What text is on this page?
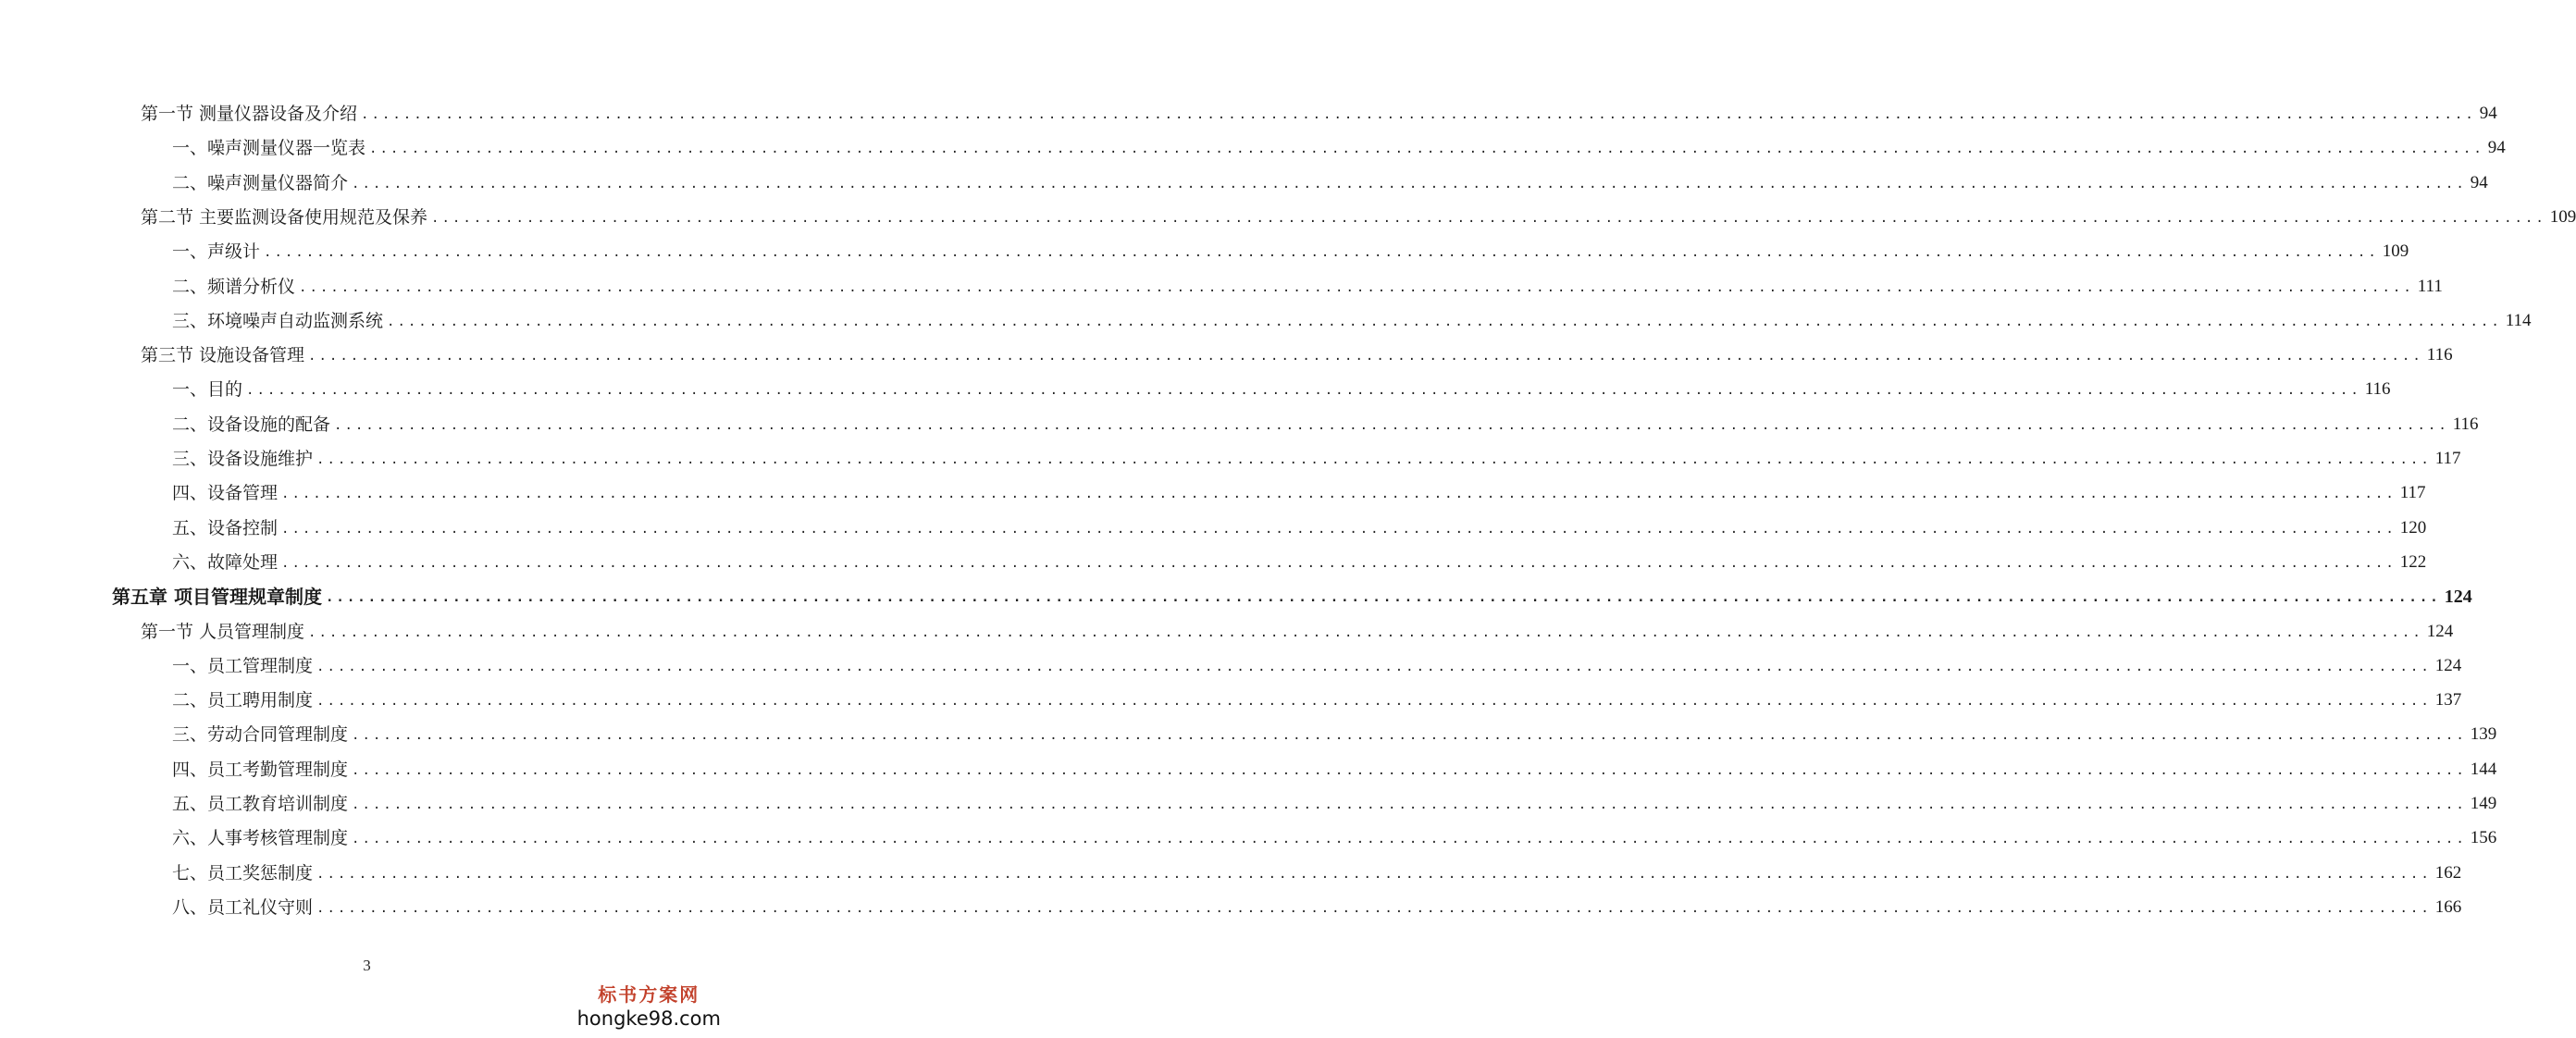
第一节 测量仪器设备及介绍 ........................................................................................................................................................................................................ 94
一、噪声测量仪器一览表 ........................................................................................................................................................................................................ 94
二、噪声测量仪器简介 ........................................................................................................................................................................................................ 94
第二节 主要监测设备使用规范及保养 ........................................................................................................................................................................................................ 109
一、声级计 ........................................................................................................................................................................................................ 109
二、频谱分析仪 ........................................................................................................................................................................................................ 111
三、环境噪声自动监测系统 ........................................................................................................................................................................................................ 114
第三节 设施设备管理 ........................................................................................................................................................................................................ 116
一、目的 ........................................................................................................................................................................................................ 116
二、设备设施的配备 ........................................................................................................................................................................................................ 116
三、设备设施维护 ........................................................................................................................................................................................................ 117
四、设备管理 ........................................................................................................................................................................................................ 117
五、设备控制 ........................................................................................................................................................................................................ 120
六、故障处理 ........................................................................................................................................................................................................ 122
第五章 项目管理规章制度 ........................................................................................................................................................................................................ 124
第一节 人员管理制度 ........................................................................................................................................................................................................ 124
一、员工管理制度 ........................................................................................................................................................................................................ 124
二、员工聘用制度 ........................................................................................................................................................................................................ 137
三、劳动合同管理制度 ........................................................................................................................................................................................................ 139
四、员工考勤管理制度 ........................................................................................................................................................................................................ 144
五、员工教育培训制度 ........................................................................................................................................................................................................ 149
六、人事考核管理制度 ........................................................................................................................................................................................................ 156
七、员工奖惩制度 ........................................................................................................................................................................................................ 162
八、员工礼仪守则 ........................................................................................................................................................................................................ 166
3
标书方案网
hongke98.com
